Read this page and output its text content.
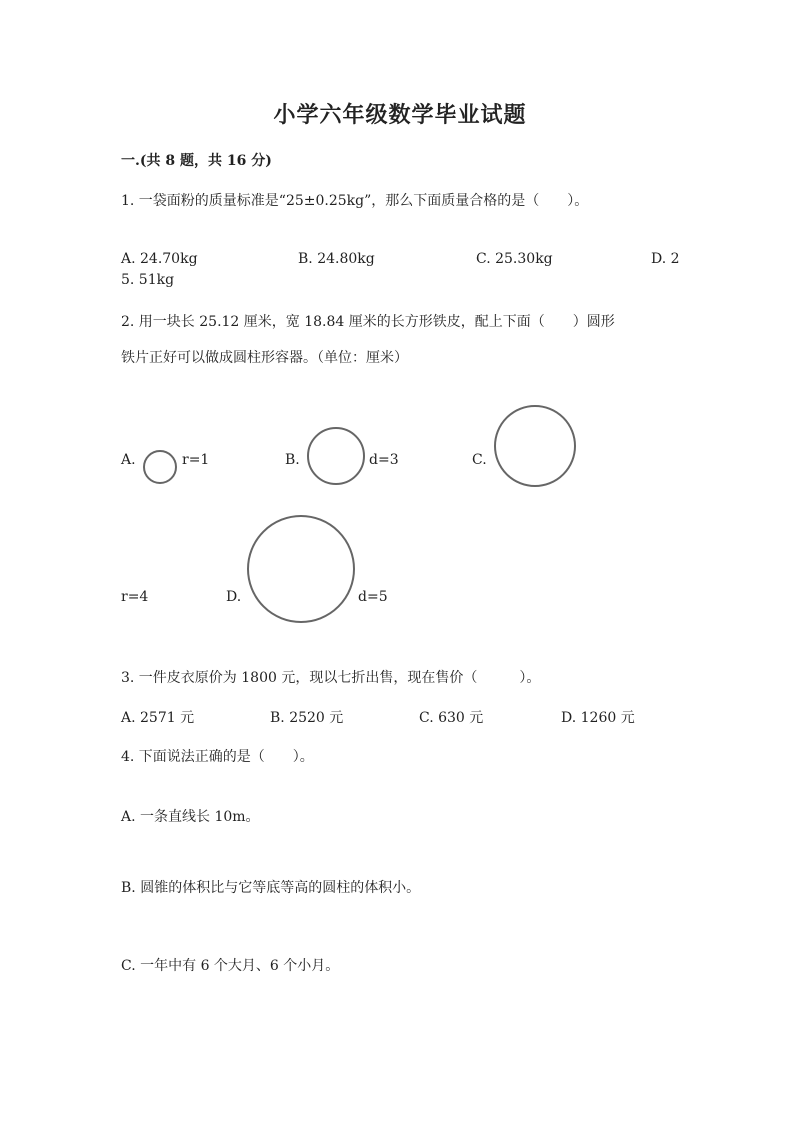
小学六年级数学毕业试题
一.(共 8 题，共 16 分)
1. 一袋面粉的质量标准是“25±0.25kg”，那么下面质量合格的是（　　）。
A. 24.70kg	B. 24.80kg	C. 25.30kg	D. 2
5. 51kg
2. 用一块长 25.12 厘米，宽 18.84 厘米的长方形铁皮，配上下面（　　）圆形
铁片正好可以做成圆柱形容器。（单位：厘米）
A.	r=1	B.	d=3	C.
r=4	D.	d=5
3. 一件皮衣原价为 1800 元，现以七折出售，现在售价（　　　）。
A. 2571 元	B. 2520 元	C. 630 元	D. 1260 元
4. 下面说法正确的是（　　）。
A. 一条直线长 10m。
B. 圆锥的体积比与它等底等高的圆柱的体积小。
C. 一年中有 6 个大月、6 个小月。
